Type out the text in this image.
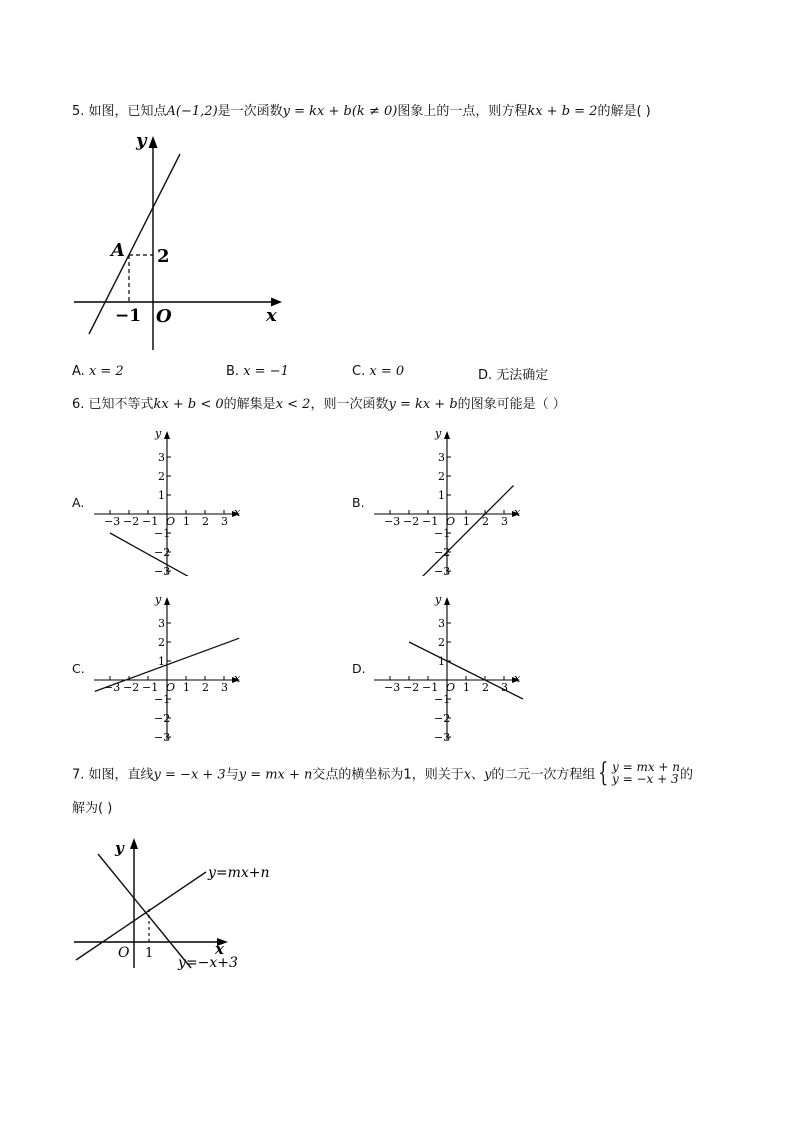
5. 如图，已知点A(−1,2)是一次函数y = kx + b(k ≠ 0)图象上的一点，则方程kx + b = 2的解是( )
y
x
A 2
−1 O
A. x = 2	B. x = −1	C. x = 0	D. 无法确定
6. 已知不等式kx + b < 0的解集是x < 2，则一次函数y = kx + b的图象可能是（ ）
A.	B.
C.	D.
−3 −2 −1 1 2 3
3
2
1
−1
−2
−3
O
x
y
−3 −2 −1 1 2 3
3
2
1
−1
−2
−3
O
x
y
−3 −2 −1 1 2 3
3
2
1
−1
−2
−3
O
x
y
−3 −2 −1 1 2 3
3
2
1
−1
−2
−3
O
x
y
7. 如图，直线y = −x + 3与y = mx + n交点的横坐标为1，则关于x、y的二元一次方程组 { y = mx + n
y = −x + 3 的
解为( )
y
x
O 1
y=mx+n
y=−x+3
